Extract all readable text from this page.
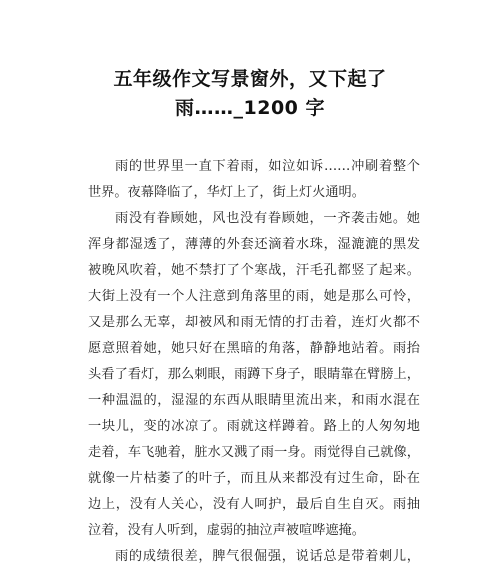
五年级作文写景窗外，又下起了
雨……_1200 字
雨的世界里一直下着雨，如泣如诉……冲刷着整个
世界。夜幕降临了，华灯上了，街上灯火通明。
雨没有眷顾她，风也没有眷顾她，一齐袭击她。她
浑身都湿透了，薄薄的外套还滴着水珠，湿漉漉的黑发
被晚风吹着，她不禁打了个寒战，汗毛孔都竖了起来。
大街上没有一个人注意到角落里的雨，她是那么可怜，
又是那么无辜，却被风和雨无情的打击着，连灯火都不
愿意照着她，她只好在黑暗的角落，静静地站着。雨抬
头看了看灯，那么刺眼，雨蹲下身子，眼睛靠在臂膀上，
一种温温的，湿湿的东西从眼睛里流出来，和雨水混在
一块儿，变的冰凉了。雨就这样蹲着。路上的人匆匆地
走着，车飞驰着，脏水又溅了雨一身。雨觉得自己就像，
就像一片枯萎了的叶子，而且从来都没有过生命，卧在
边上，没有人关心，没有人呵护，最后自生自灭。雨抽
泣着，没有人听到，虚弱的抽泣声被喧哗遮掩。
雨的成绩很差，脾气很倔强，说话总是带着刺儿，
